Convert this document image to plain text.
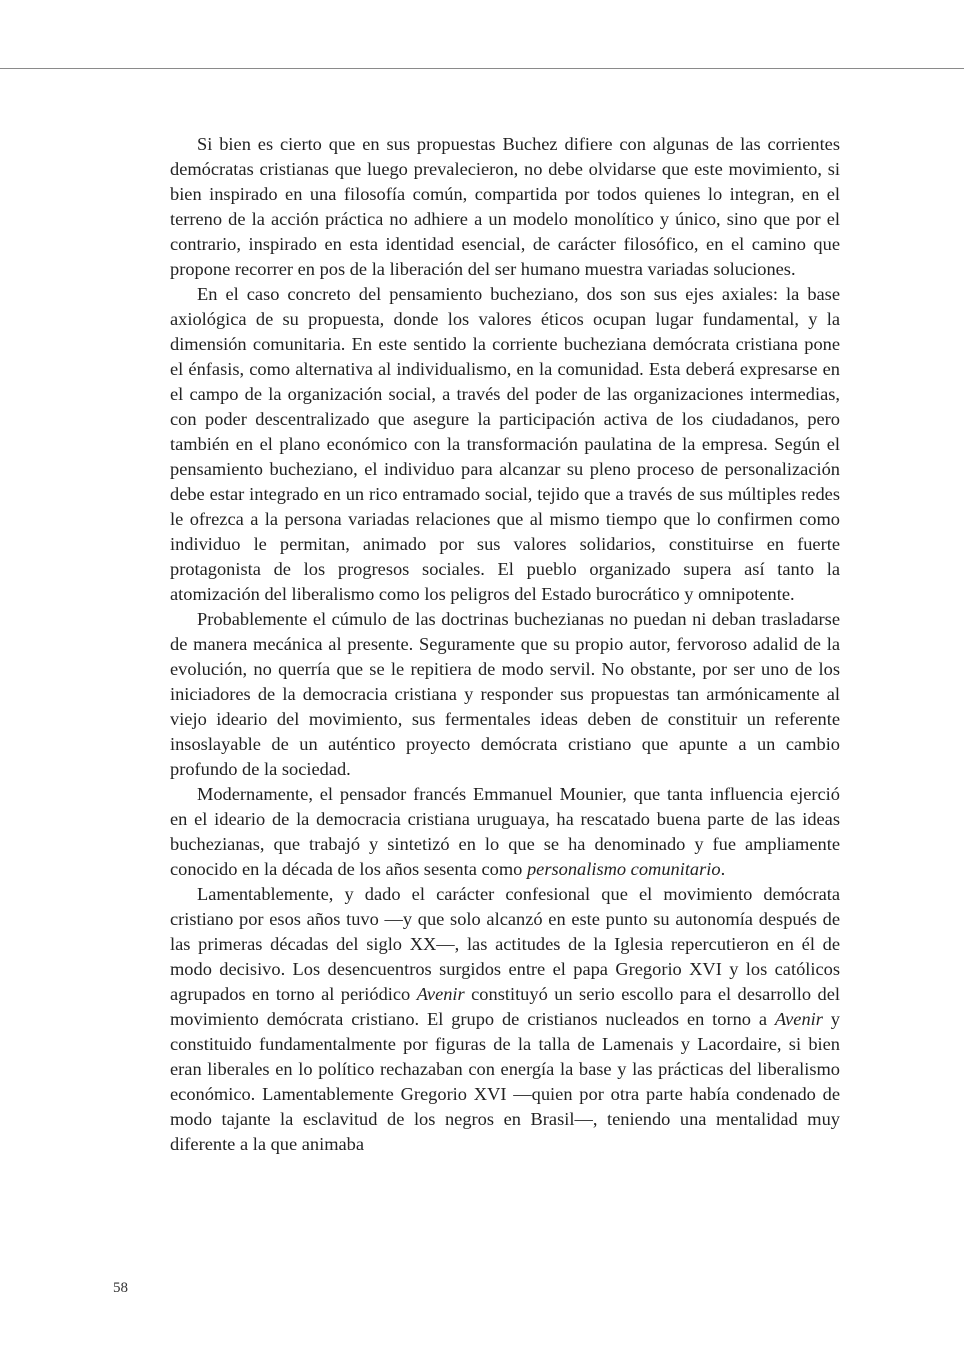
Si bien es cierto que en sus propuestas Buchez difiere con algunas de las corrientes demócratas cristianas que luego prevalecieron, no debe olvidarse que este movimiento, si bien inspirado en una filosofía común, compartida por todos quienes lo integran, en el terreno de la acción práctica no adhiere a un modelo monolítico y único, sino que por el contrario, inspirado en esta identidad esencial, de carácter filosófico, en el camino que propone recorrer en pos de la liberación del ser humano muestra variadas soluciones.

En el caso concreto del pensamiento bucheziano, dos son sus ejes axiales: la base axiológica de su propuesta, donde los valores éticos ocupan lugar fundamental, y la dimensión comunitaria. En este sentido la corriente bucheziana demócrata cristiana pone el énfasis, como alternativa al individualismo, en la comunidad. Esta deberá expresarse en el campo de la organización social, a través del poder de las organizaciones intermedias, con poder descentralizado que asegure la participación activa de los ciudadanos, pero también en el plano económico con la transformación paulatina de la empresa. Según el pensamiento bucheziano, el individuo para alcanzar su pleno proceso de personalización debe estar integrado en un rico entramado social, tejido que a través de sus múltiples redes le ofrezca a la persona variadas relaciones que al mismo tiempo que lo confirmen como individuo le permitan, animado por sus valores solidarios, constituirse en fuerte protagonista de los progresos sociales. El pueblo organizado supera así tanto la atomización del liberalismo como los peligros del Estado burocrático y omnipotente.

Probablemente el cúmulo de las doctrinas buchezianas no puedan ni deban trasladarse de manera mecánica al presente. Seguramente que su propio autor, fervoroso adalid de la evolución, no querría que se le repitiera de modo servil. No obstante, por ser uno de los iniciadores de la democracia cristiana y responder sus propuestas tan armónicamente al viejo ideario del movimiento, sus fermentales ideas deben de constituir un referente insoslayable de un auténtico proyecto demócrata cristiano que apunte a un cambio profundo de la sociedad.

Modernamente, el pensador francés Emmanuel Mounier, que tanta influencia ejerció en el ideario de la democracia cristiana uruguaya, ha rescatado buena parte de las ideas buchezianas, que trabajó y sintetizó en lo que se ha denominado y fue ampliamente conocido en la década de los años sesenta como personalismo comunitario.

Lamentablemente, y dado el carácter confesional que el movimiento demócrata cristiano por esos años tuvo —y que solo alcanzó en este punto su autonomía después de las primeras décadas del siglo XX—, las actitudes de la Iglesia repercutieron en él de modo decisivo. Los desencuentros surgidos entre el papa Gregorio XVI y los católicos agrupados en torno al periódico Avenir constituyó un serio escollo para el desarrollo del movimiento demócrata cristiano. El grupo de cristianos nucleados en torno a Avenir y constituido fundamentalmente por figuras de la talla de Lamenais y Lacordaire, si bien eran liberales en lo político rechazaban con energía la base y las prácticas del liberalismo económico. Lamentablemente Gregorio XVI —quien por otra parte había condenado de modo tajante la esclavitud de los negros en Brasil—, teniendo una mentalidad muy diferente a la que animaba

58
